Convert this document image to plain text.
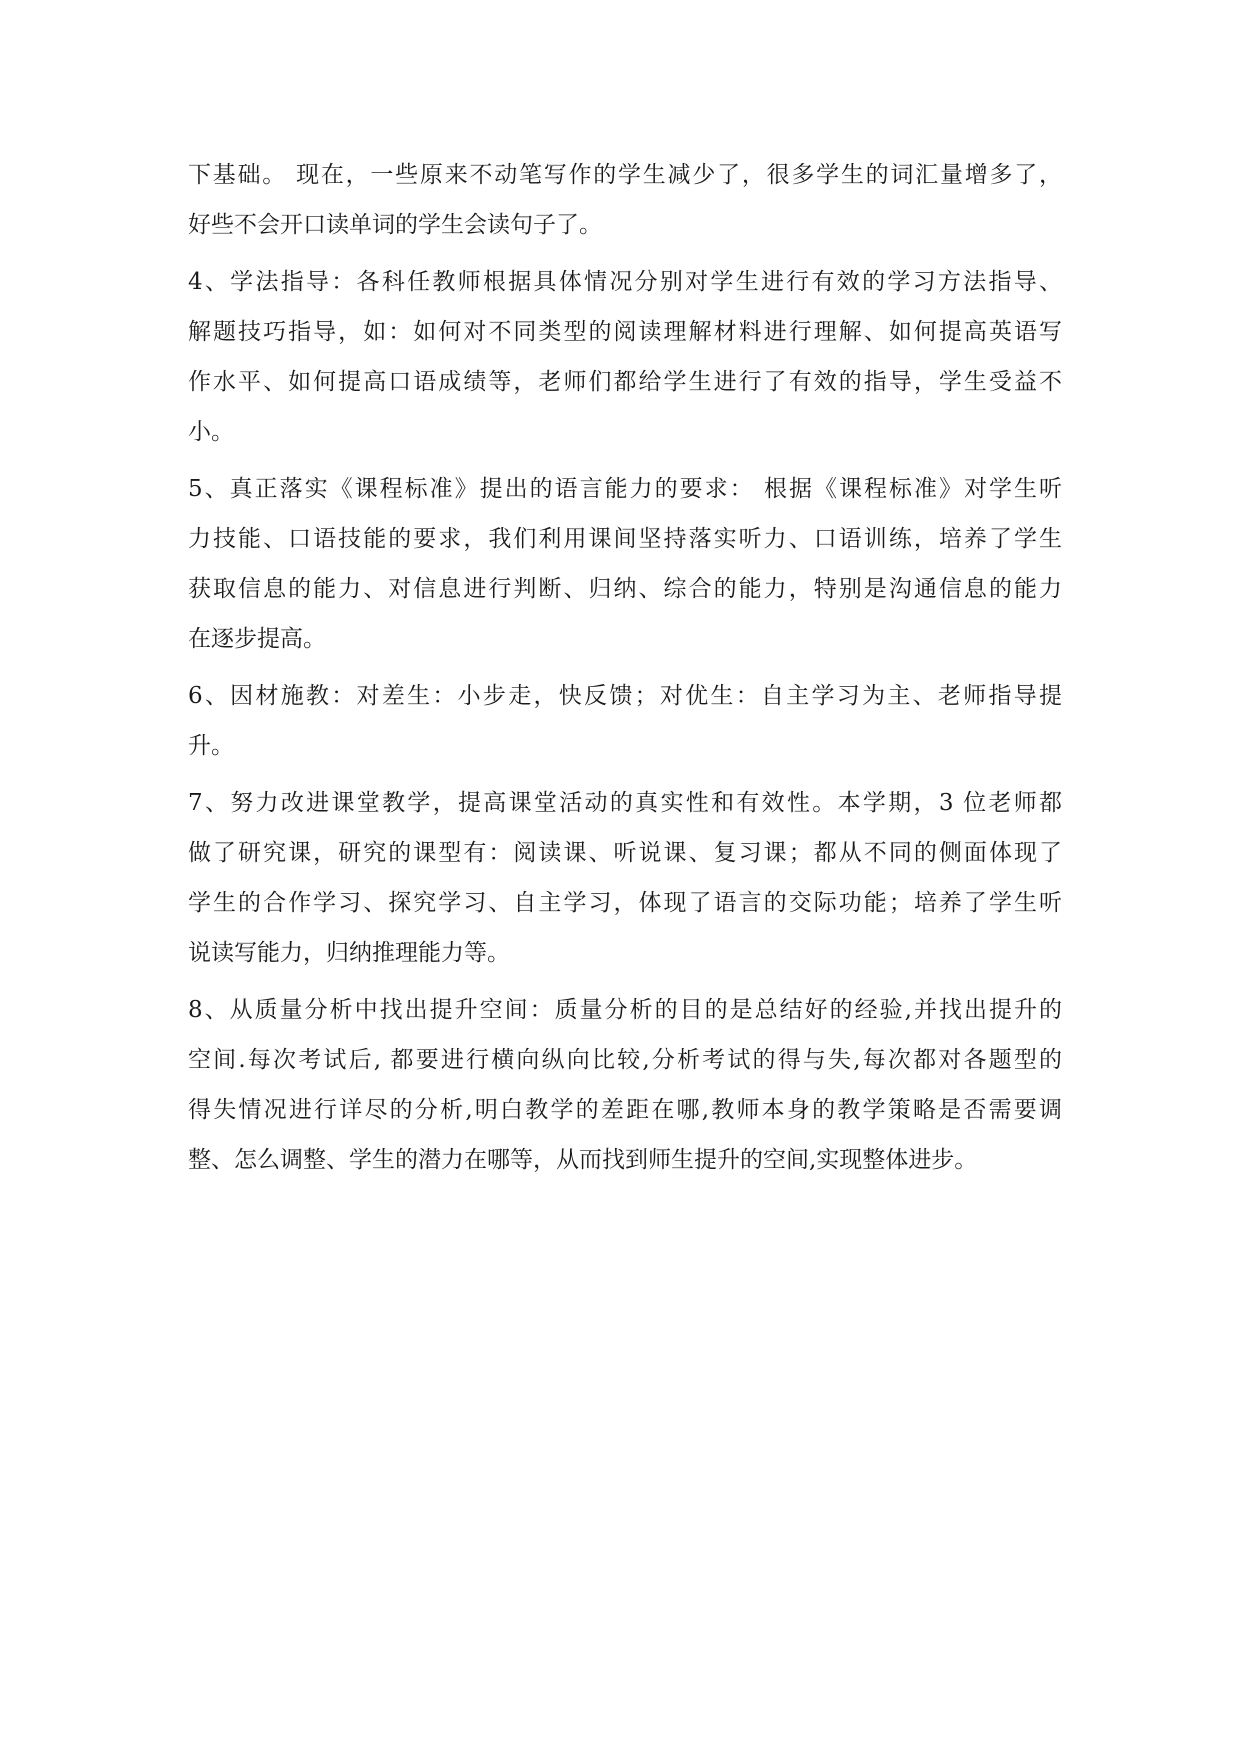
下基础。 现在，一些原来不动笔写作的学生减少了，很多学生的词汇量增多了，
好些不会开口读单词的学生会读句子了。
4、学法指导：各科任教师根据具体情况分别对学生进行有效的学习方法指导、
解题技巧指导，如：如何对不同类型的阅读理解材料进行理解、如何提高英语写
作水平、如何提高口语成绩等，老师们都给学生进行了有效的指导，学生受益不
小。
5、真正落实《课程标准》提出的语言能力的要求： 根据《课程标准》对学生听
力技能、口语技能的要求，我们利用课间坚持落实听力、口语训练，培养了学生
获取信息的能力、对信息进行判断、归纳、综合的能力，特别是沟通信息的能力
在逐步提高。
6、因材施教：对差生：小步走，快反馈；对优生：自主学习为主、老师指导提
升。
7、努力改进课堂教学，提高课堂活动的真实性和有效性。本学期，3 位老师都
做了研究课，研究的课型有：阅读课、听说课、复习课；都从不同的侧面体现了
学生的合作学习、探究学习、自主学习，体现了语言的交际功能；培养了学生听
说读写能力，归纳推理能力等。
8、从质量分析中找出提升空间：质量分析的目的是总结好的经验,并找出提升的
空间.每次考试后, 都要进行横向纵向比较,分析考试的得与失,每次都对各题型的
得失情况进行详尽的分析,明白教学的差距在哪,教师本身的教学策略是否需要调
整、怎么调整、学生的潜力在哪等，从而找到师生提升的空间,实现整体进步。
